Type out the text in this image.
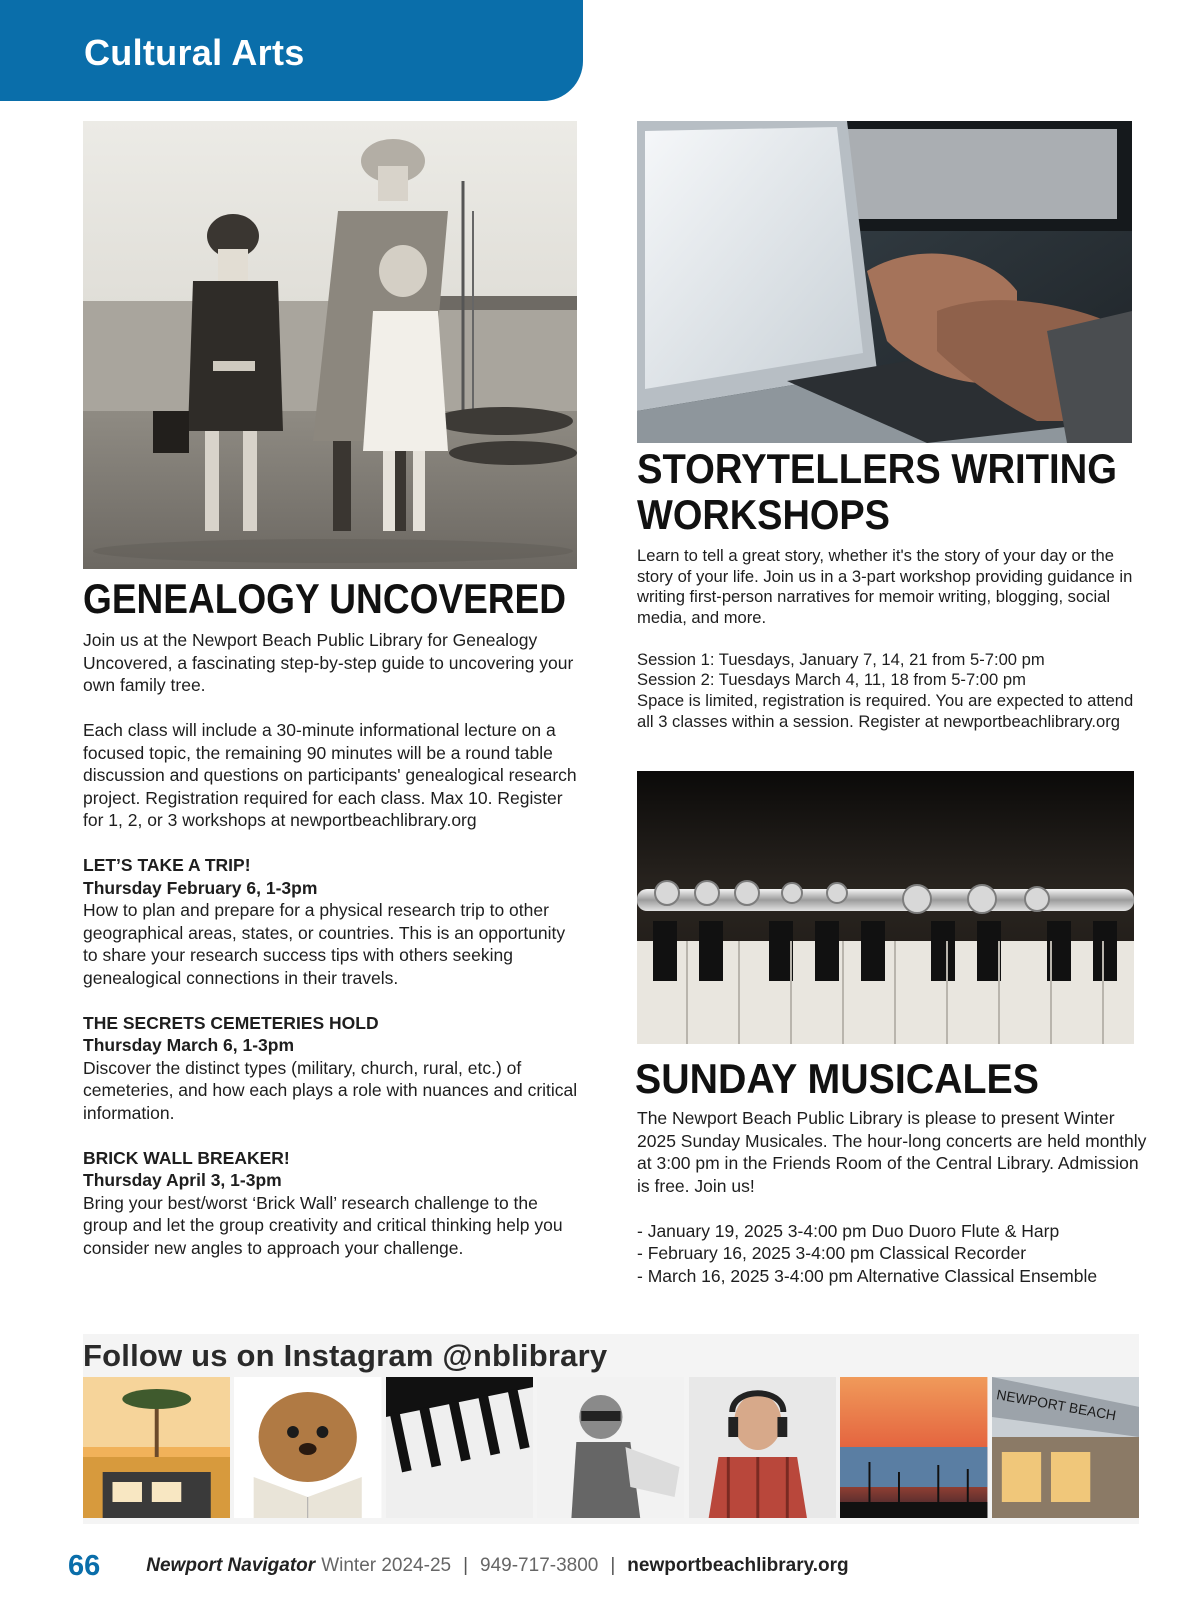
Cultural Arts
GENEALOGY UNCOVERED
STORYTELLERS WRITING
WORKSHOPS
SUNDAY MUSICALES

Join us at the Newport Beach Public Library for Genealogy Uncovered, a fascinating step-by-step guide to uncovering your own family tree.

Each class will include a 30-minute informational lecture on a focused topic, the remaining 90 minutes will be a round table discussion and questions on participants' genealogical research project. Registration required for each class. Max 10. Register for 1, 2, or 3 workshops at newportbeachlibrary.org

LET’S TAKE A TRIP!
Thursday February 6, 1-3pm
How to plan and prepare for a physical research trip to other geographical areas, states, or countries. This is an opportunity to share your research success tips with others seeking genealogical connections in their travels.

THE SECRETS CEMETERIES HOLD
Thursday March 6, 1-3pm
Discover the distinct types (military, church, rural, etc.) of cemeteries, and how each plays a role with nuances and critical information.

BRICK WALL BREAKER!
Thursday April 3, 1-3pm
Bring your best/worst ‘Brick Wall’ research challenge to the group and let the group creativity and critical thinking help you consider new angles to approach your challenge.

Learn to tell a great story, whether it's the story of your day or the story of your life. Join us in a 3-part workshop providing guidance in writing first-person narratives for memoir writing, blogging, social media, and more.

Session 1: Tuesdays, January 7, 14, 21 from 5-7:00 pm

Session 2: Tuesdays March 4, 11, 18 from 5-7:00 pm

Space is limited, registration is required. You are expected to attend all 3 classes within a session. Register at newportbeachlibrary.org

The Newport Beach Public Library is please to present Winter 2025 Sunday Musicales. The hour-long concerts are held monthly at 3:00 pm in the Friends Room of the Central Library. Admission is free. Join us!

- January 19, 2025 3-4:00 pm Duo Duoro Flute & Harp

- February 16, 2025 3-4:00 pm Classical Recorder

- March 16, 2025 3-4:00 pm Alternative Classical Ensemble

Follow us on Instagram @nblibrary
NEWPORT BEACH
66 Newport Navigator Winter 2024-25 | 949-717-3800 | newportbeachlibrary.org
